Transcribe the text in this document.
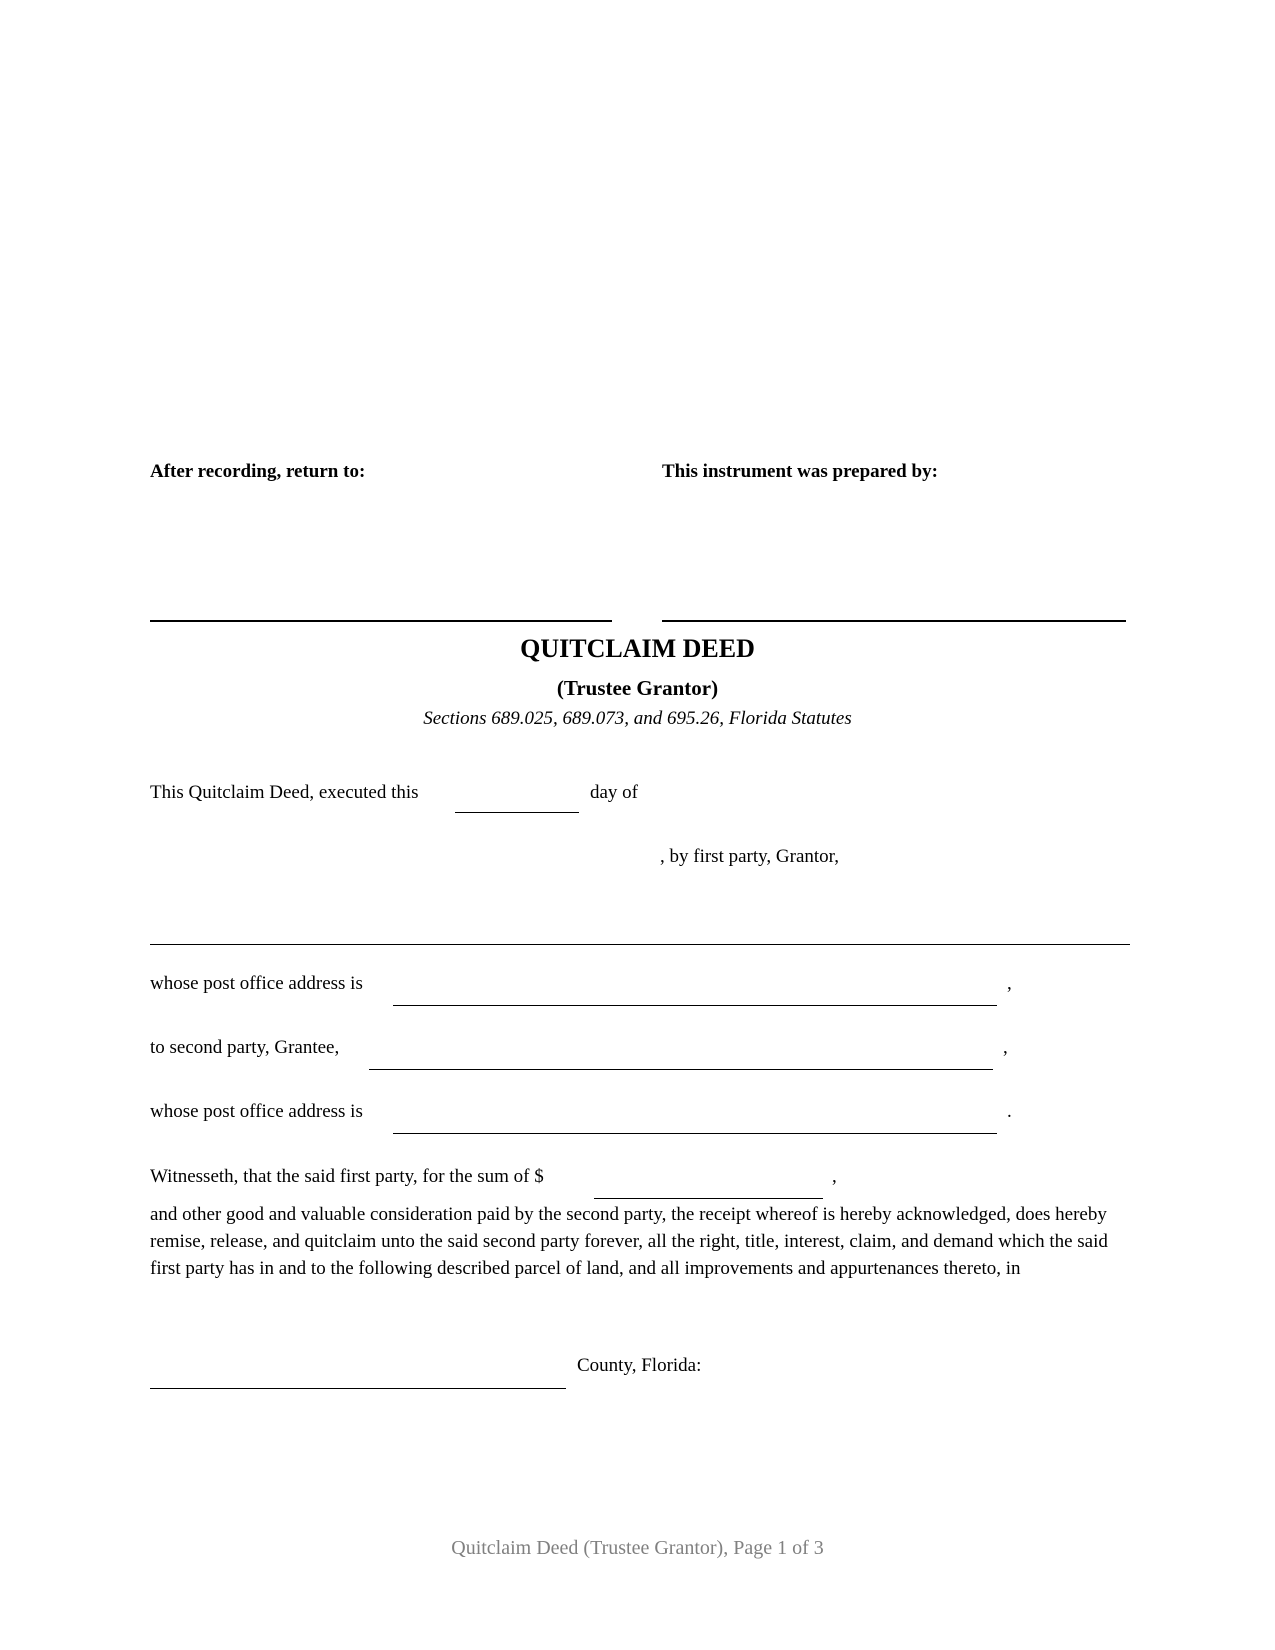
After recording, return to:	This instrument was prepared by:
QUITCLAIM DEED
(Trustee Grantor)
Sections 689.025, 689.073, and 695.26, Florida Statutes
This Quitclaim Deed, executed this	day of
, by first party, Grantor,
whose post office address is	,
to second party, Grantee,	,
whose post office address is	.
Witnesseth, that the said first party, for the sum of $	,
and other good and valuable consideration paid by the second party, the receipt whereof is hereby acknowledged, does hereby remise, release, and quitclaim unto the said second party forever, all the right, title, interest, claim, and demand which the said first party has in and to the following described parcel of land, and all improvements and appurtenances thereto, in
County, Florida:
Quitclaim Deed (Trustee Grantor), Page 1 of 3
